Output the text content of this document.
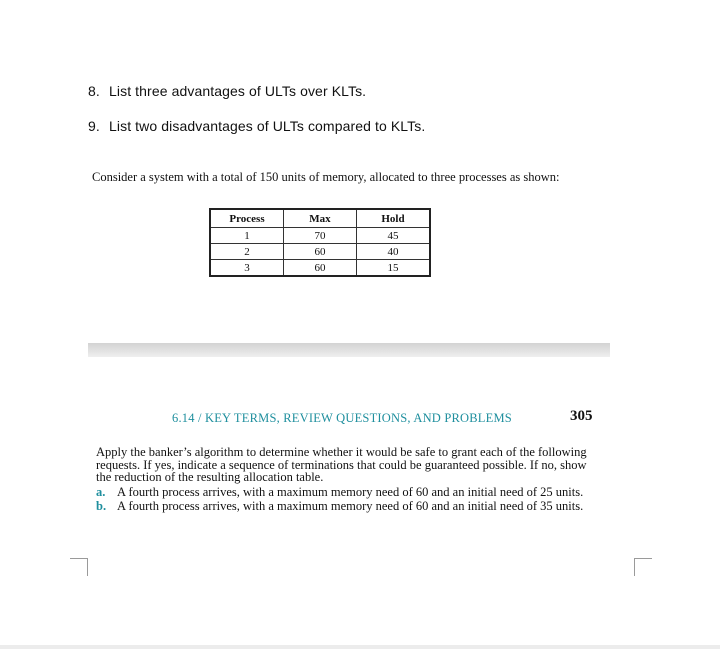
8. List three advantages of ULTs over KLTs.
9. List two disadvantages of ULTs compared to KLTs.
Consider a system with a total of 150 units of memory, allocated to three processes as shown:
Process	Max	Hold
1	70	45
2	60	40
3	60	15
6.14 / KEY TERMS, REVIEW QUESTIONS, AND PROBLEMS	305
Apply the banker’s algorithm to determine whether it would be safe to grant each of the following requests. If yes, indicate a sequence of terminations that could be guaranteed possible. If no, show the reduction of the resulting allocation table.
a. A fourth process arrives, with a maximum memory need of 60 and an initial need of 25 units.
b. A fourth process arrives, with a maximum memory need of 60 and an initial need of 35 units.
